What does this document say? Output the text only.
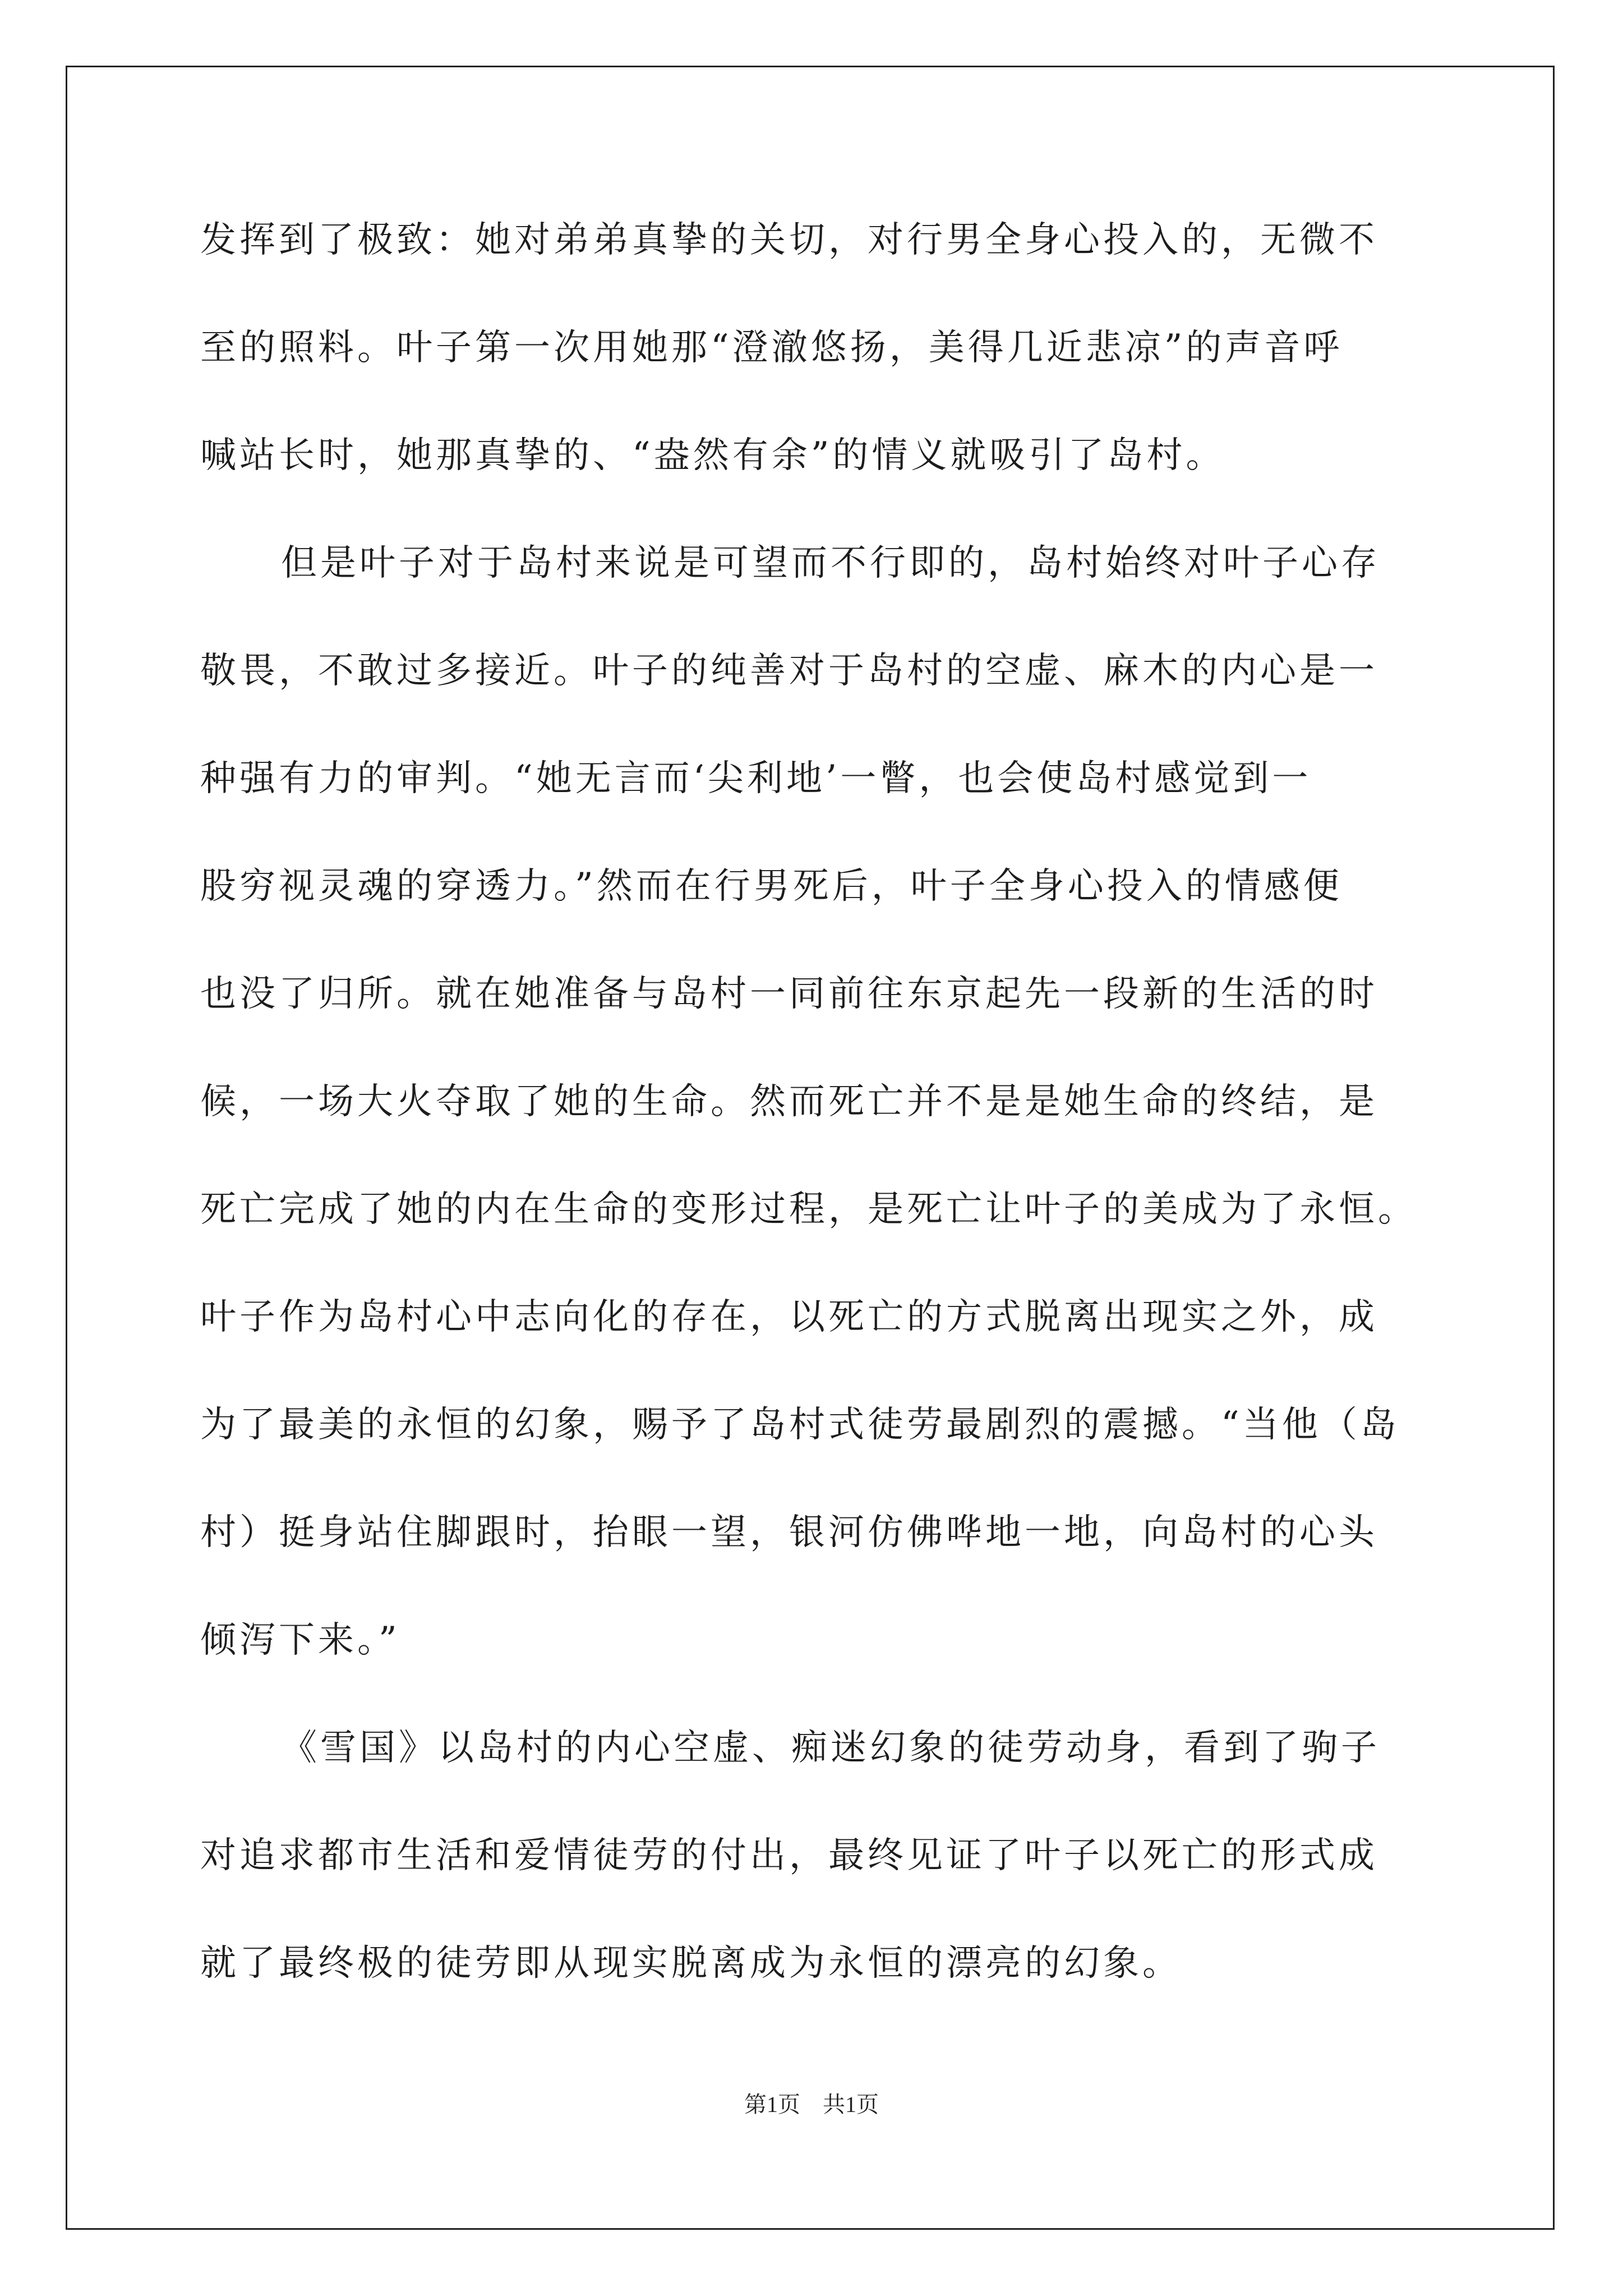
发挥到了极致：她对弟弟真挚的关切，对行男全身心投入的，无微不
至的照料。叶子第一次用她那“澄澈悠扬，美得几近悲凉”的声音呼
喊站长时，她那真挚的、“盎然有余”的情义就吸引了岛村。
但是叶子对于岛村来说是可望而不行即的，岛村始终对叶子心存
敬畏，不敢过多接近。叶子的纯善对于岛村的空虚、麻木的内心是一
种强有力的审判。“她无言而‘尖利地’一瞥，也会使岛村感觉到一
股穷视灵魂的穿透力。”然而在行男死后，叶子全身心投入的情感便
也没了归所。就在她准备与岛村一同前往东京起先一段新的生活的时
候，一场大火夺取了她的生命。然而死亡并不是是她生命的终结，是
死亡完成了她的内在生命的变形过程，是死亡让叶子的美成为了永恒。
叶子作为岛村心中志向化的存在，以死亡的方式脱离出现实之外，成
为了最美的永恒的幻象，赐予了岛村式徒劳最剧烈的震撼。“当他（岛
村）挺身站住脚跟时，抬眼一望，银河仿佛哗地一地，向岛村的心头
倾泻下来。”
《雪国》以岛村的内心空虚、痴迷幻象的徒劳动身，看到了驹子
对追求都市生活和爱情徒劳的付出，最终见证了叶子以死亡的形式成
就了最终极的徒劳即从现实脱离成为永恒的漂亮的幻象。
第1页 共1页
